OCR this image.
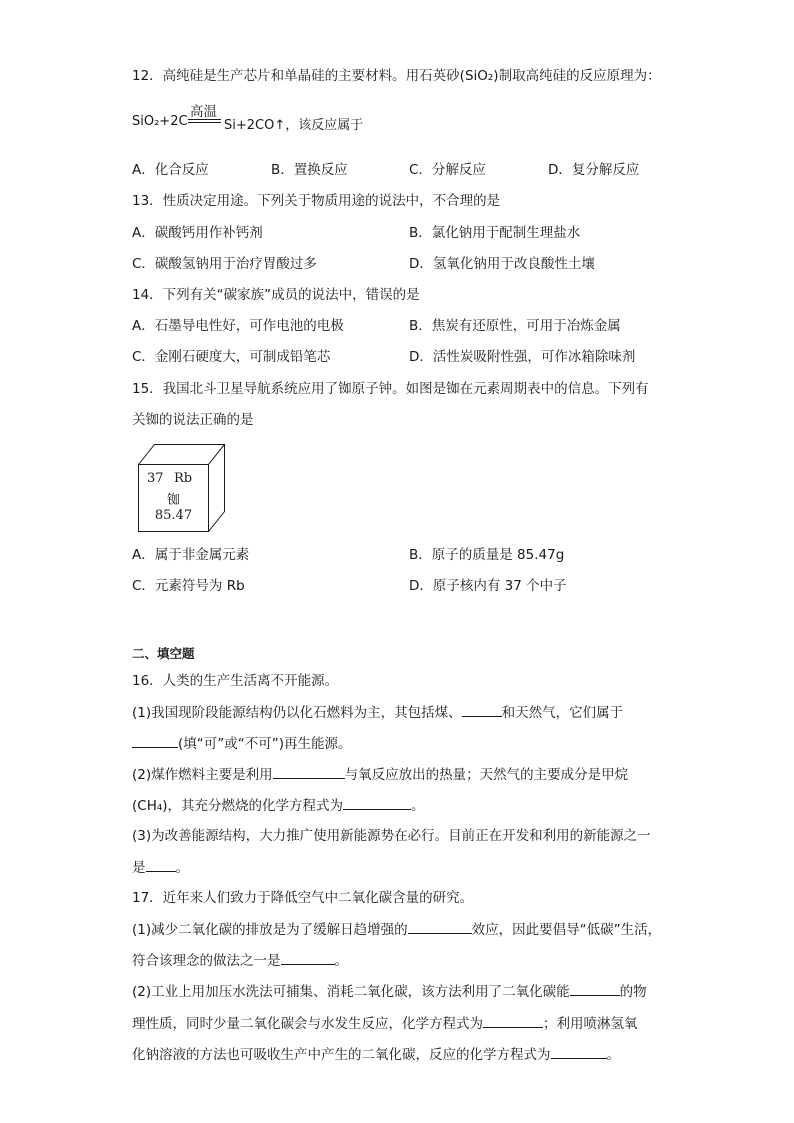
12．高纯硅是生产芯片和单晶硅的主要材料。用石英砂(SiO₂)制取高纯硅的反应原理为：
SiO₂+2C
高温
Si+2CO↑，该反应属于
A．化合反应	B．置换反应	C．分解反应	D．复分解反应
13．性质决定用途。下列关于物质用途的说法中，不合理的是
A．碳酸钙用作补钙剂	B．氯化钠用于配制生理盐水
C．碳酸氢钠用于治疗胃酸过多	D．氢氧化钠用于改良酸性土壤
14．下列有关“碳家族”成员的说法中，错误的是
A．石墨导电性好，可作电池的电极	B．焦炭有还原性，可用于冶炼金属
C．金刚石硬度大，可制成铅笔芯	D．活性炭吸附性强，可作冰箱除味剂
15．我国北斗卫星导航系统应用了铷原子钟。如图是铷在元素周期表中的信息。下列有
关铷的说法正确的是
37 Rb
铷
85.47
A．属于非金属元素	B．原子的质量是 85.47g
C．元素符号为 Rb	D．原子核内有 37 个中子
二、填空题
16．人类的生产生活离不开能源。
(1)我国现阶段能源结构仍以化石燃料为主，其包括煤、	和天然气，它们属于
(填“可”或“不可”)再生能源。
(2)煤作燃料主要是利用	与氧反应放出的热量；天然气的主要成分是甲烷
(CH₄)，其充分燃烧的化学方程式为	。
(3)为改善能源结构，大力推广使用新能源势在必行。目前正在开发和利用的新能源之一
是 。
17．近年来人们致力于降低空气中二氧化碳含量的研究。
(1)减少二氧化碳的排放是为了缓解日趋增强的	效应，因此要倡导“低碳”生活，
符合该理念的做法之一是	。
(2)工业上用加压水洗法可捕集、消耗二氧化碳，该方法利用了二氧化碳能	的物
理性质，同时少量二氧化碳会与水发生反应，化学方程式为	；利用喷淋氢氧
化钠溶液的方法也可吸收生产中产生的二氧化碳，反应的化学方程式为	。
